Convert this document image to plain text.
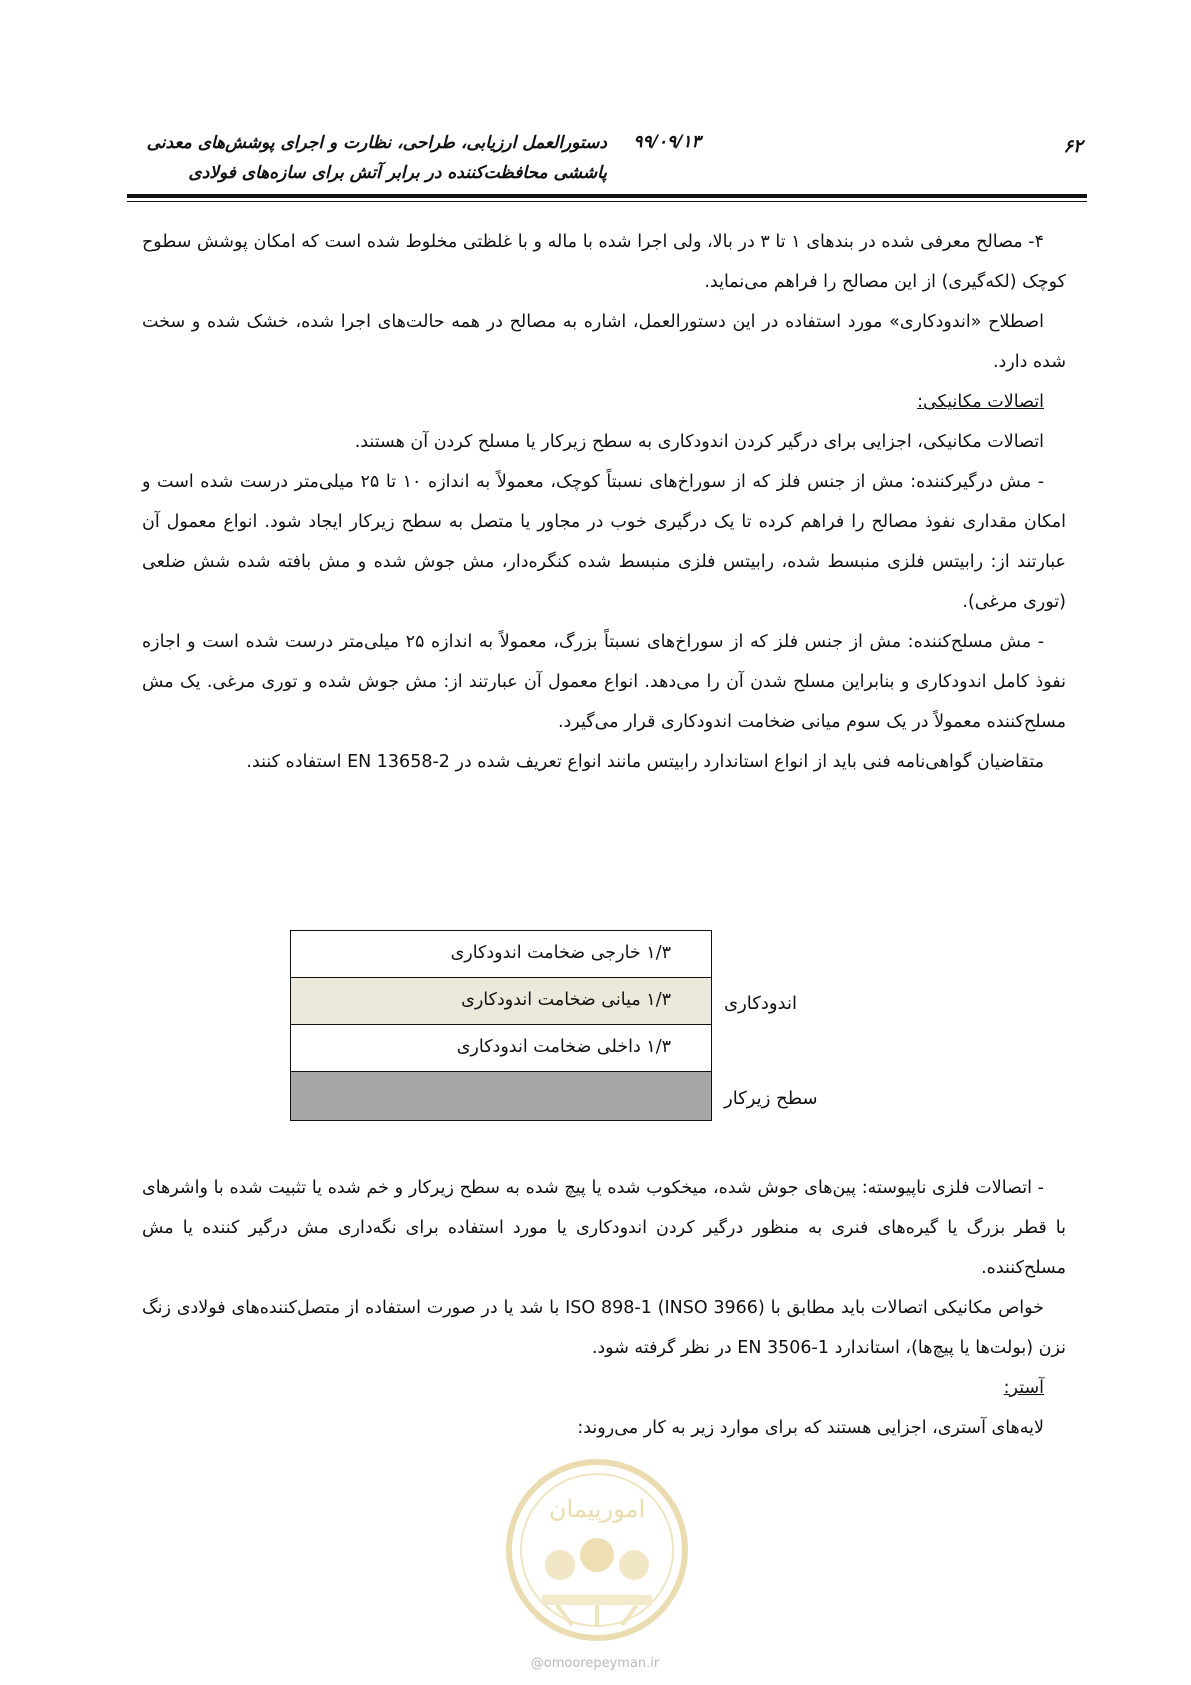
دستورالعمل ارزیابی، طراحی، نظارت و اجرای پوشش‌های معدنی
پاششی محافظت‌کننده در برابر آتش برای سازه‌های فولادی
۹۹/۰۹/۱۳	۶۲

۴- مصالح معرفی شده در بندهای ۱ تا ۳ در بالا، ولی اجرا شده با ماله و با غلظتی مخلوط شده است که امکان پوشش سطوح کوچک (لکه‌گیری) از این مصالح را فراهم می‌نماید.

اصطلاح «اندودکاری» مورد استفاده در این دستورالعمل، اشاره به مصالح در همه حالت‌های اجرا شده، خشک شده و سخت شده دارد.

اتصالات مکانیکی:

اتصالات مکانیکی، اجزایی برای درگیر کردن اندودکاری به سطح زیرکار یا مسلح کردن آن هستند.

- مش درگیرکننده: مش از جنس فلز که از سوراخ‌های نسبتاً کوچک، معمولاً به اندازه ۱۰ تا ۲۵ میلی‌متر درست شده است و امکان مقداری نفوذ مصالح را فراهم کرده تا یک درگیری خوب در مجاور یا متصل به سطح زیرکار ایجاد شود. انواع معمول آن عبارتند از: رابیتس فلزی منبسط شده، رابیتس فلزی منبسط شده کنگره‌دار، مش جوش شده و مش بافته شده شش ضلعی (توری مرغی).

- مش مسلح‌کننده: مش از جنس فلز که از سوراخ‌های نسبتاً بزرگ، معمولاً به اندازه ۲۵ میلی‌متر درست شده است و اجازه نفوذ کامل اندودکاری و بنابراین مسلح شدن آن را می‌دهد. انواع معمول آن عبارتند از: مش جوش شده و توری مرغی. یک مش مسلح‌کننده معمولاً در یک سوم میانی ضخامت اندودکاری قرار می‌گیرد.

متقاضیان گواهی‌نامه فنی باید از انواع استاندارد رابیتس مانند انواع تعریف شده در EN 13658-2 استفاده کنند.

۱/۳ خارجی ضخامت اندودکاری
۱/۳ میانی ضخامت اندودکاری
۱/۳ داخلی ضخامت اندودکاری
اندودکاری
سطح زیرکار

- اتصالات فلزی ناپیوسته: پین‌های جوش شده، میخکوب شده یا پیچ شده به سطح زیرکار و خم شده یا تثبیت شده با واشرهای با قطر بزرگ یا گیره‌های فنری به منظور درگیر کردن اندودکاری یا مورد استفاده برای نگه‌داری مش درگیر کننده یا مش مسلح‌کننده.

خواص مکانیکی اتصالات باید مطابق با ISO 898-1 (INSO 3966) با شد یا در صورت استفاده از متصل‌کننده‌های فولادی زنگ نزن (بولت‌ها یا پیچ‌ها)، استاندارد EN 3506-1 در نظر گرفته شود.

آستر:

لایه‌های آستری، اجزایی هستند که برای موارد زیر به کار می‌روند:

امورپیمان
@omoorepeyman.ir
